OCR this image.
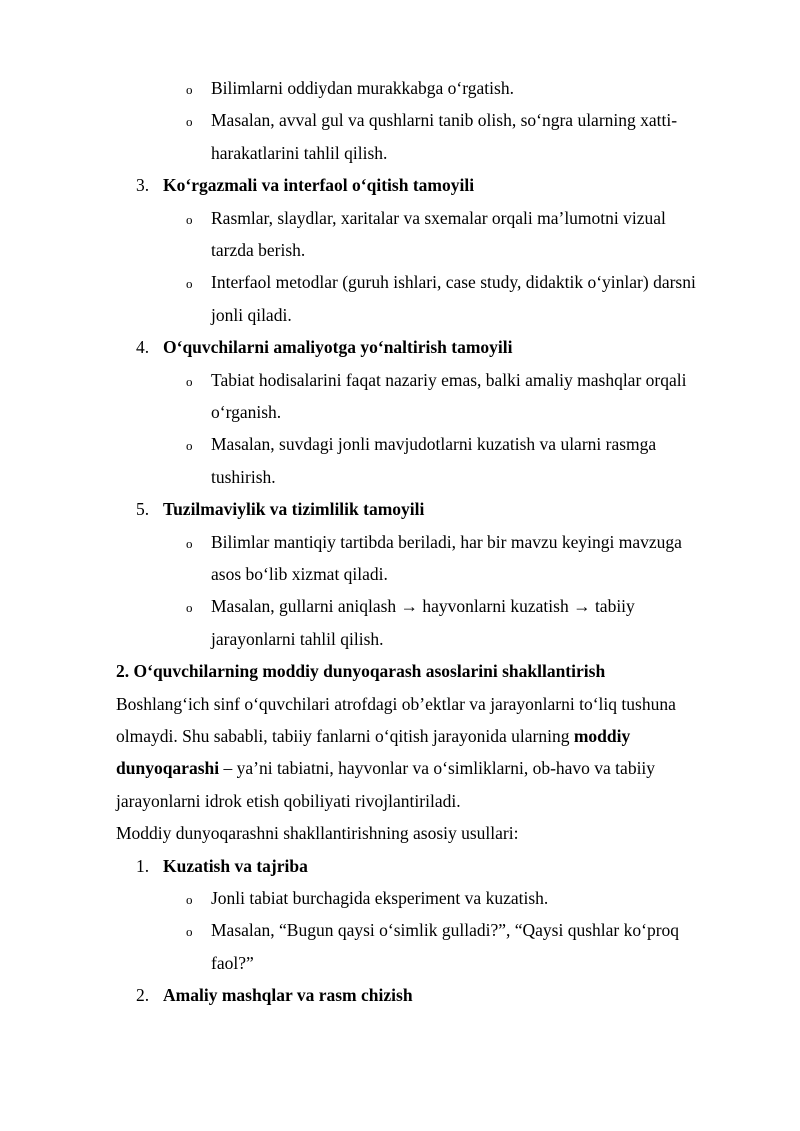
o Bilimlarni oddiydan murakkabga o‘rgatish.
o Masalan, avval gul va qushlarni tanib olish, so‘ngra ularning xatti-
harakatlarini tahlil qilish.
3. Ko‘rgazmali va interfaol o‘qitish tamoyili
o Rasmlar, slaydlar, xaritalar va sxemalar orqali ma’lumotni vizual
tarzda berish.
o Interfaol metodlar (guruh ishlari, case study, didaktik o‘yinlar) darsni
jonli qiladi.
4. O‘quvchilarni amaliyotga yo‘naltirish tamoyili
o Tabiat hodisalarini faqat nazariy emas, balki amaliy mashqlar orqali
o‘rganish.
o Masalan, suvdagi jonli mavjudotlarni kuzatish va ularni rasmga
tushirish.
5. Tuzilmaviylik va tizimlilik tamoyili
o Bilimlar mantiqiy tartibda beriladi, har bir mavzu keyingi mavzuga
asos bo‘lib xizmat qiladi.
o Masalan, gullarni aniqlash → hayvonlarni kuzatish → tabiiy
jarayonlarni tahlil qilish.
2. O‘quvchilarning moddiy dunyoqarash asoslarini shakllantirish
Boshlang‘ich sinf o‘quvchilari atrofdagi ob’ektlar va jarayonlarni to‘liq tushuna
olmaydi. Shu sababli, tabiiy fanlarni o‘qitish jarayonida ularning moddiy
dunyoqarashi – ya’ni tabiatni, hayvonlar va o‘simliklarni, ob-havo va tabiiy
jarayonlarni idrok etish qobiliyati rivojlantiriladi.
Moddiy dunyoqarashni shakllantirishning asosiy usullari:
1. Kuzatish va tajriba
o Jonli tabiat burchagida eksperiment va kuzatish.
o Masalan, “Bugun qaysi o‘simlik gulladi?”, “Qaysi qushlar ko‘proq
faol?”
2. Amaliy mashqlar va rasm chizish
